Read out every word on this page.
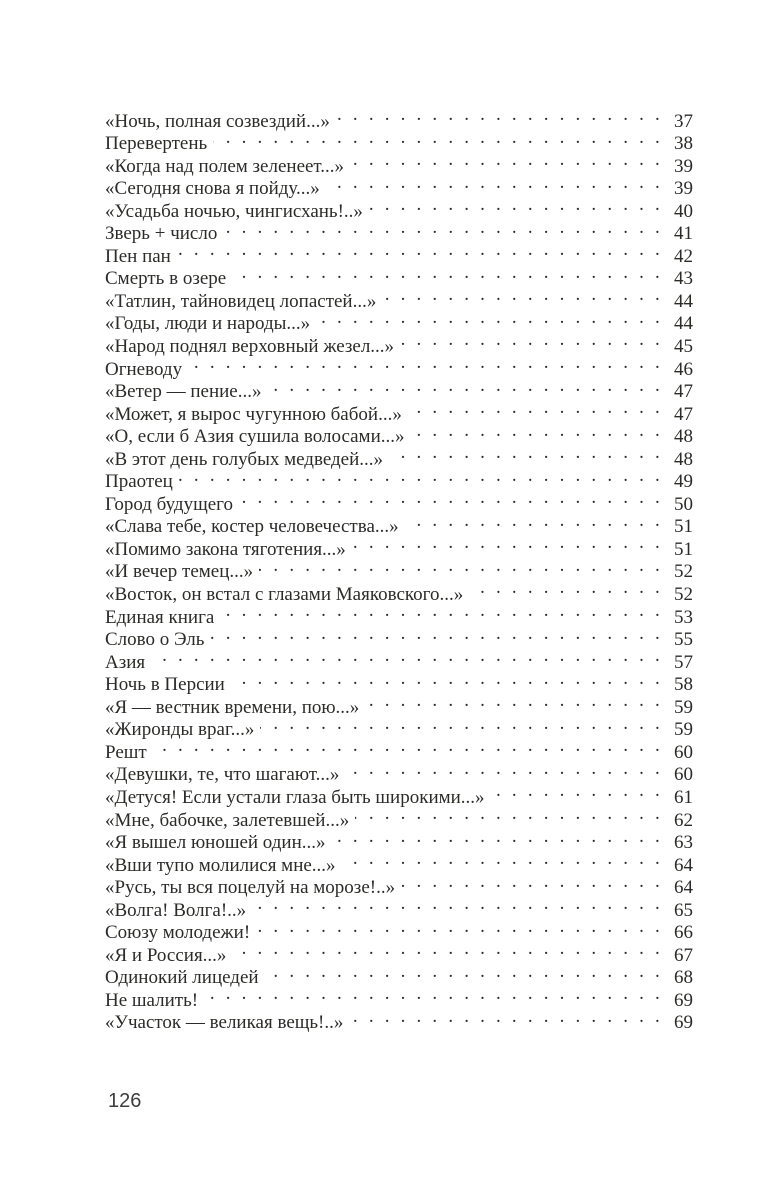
«Ночь, полная созвездий...» . . .	37
Перевертень . . .	38
«Когда над полем зеленеет...» . . .	39
«Сегодня снова я пойду...» . . .	39
«Усадьба ночью, чингисхань!..» . . .	40
Зверь + число . . .	41
Пен пан . . .	42
Смерть в озере . . .	43
«Татлин, тайновидец лопастей...» . . .	44
«Годы, люди и народы...» . . .	44
«Народ поднял верховный жезел...» . . .	45
Огневоду . . .	46
«Ветер — пение...» . . .	47
«Может, я вырос чугунною бабой...» . . .	47
«О, если б Азия сушила волосами...» . . .	48
«В этот день голубых медведей...» . . .	48
Праотец . . .	49
Город будущего . . .	50
«Слава тебе, костер человечества...» . . .	51
«Помимо закона тяготения...» . . .	51
«И вечер темец...» . . .	52
«Восток, он встал с глазами Маяковского...» . . .	52
Единая книга . . .	53
Слово о Эль . . .	55
Азия . . .	57
Ночь в Персии . . .	58
«Я — вестник времени, пою...» . . .	59
«Жиронды враг...» . . .	59
Решт . . .	60
«Девушки, те, что шагают...» . . .	60
«Детуся! Если устали глаза быть широкими...» . . .	61
«Мне, бабочке, залетевшей...» . . .	62
«Я вышел юношей один...» . . .	63
«Вши тупо молилися мне...» . . .	64
«Русь, ты вся поцелуй на морозе!..» . . .	64
«Волга! Волга!..» . . .	65
Союзу молодежи! . . .	66
«Я и Россия...» . . .	67
Одинокий лицедей . . .	68
Не шалить! . . .	69
«Участок — великая вещь!..» . . .	69
126
